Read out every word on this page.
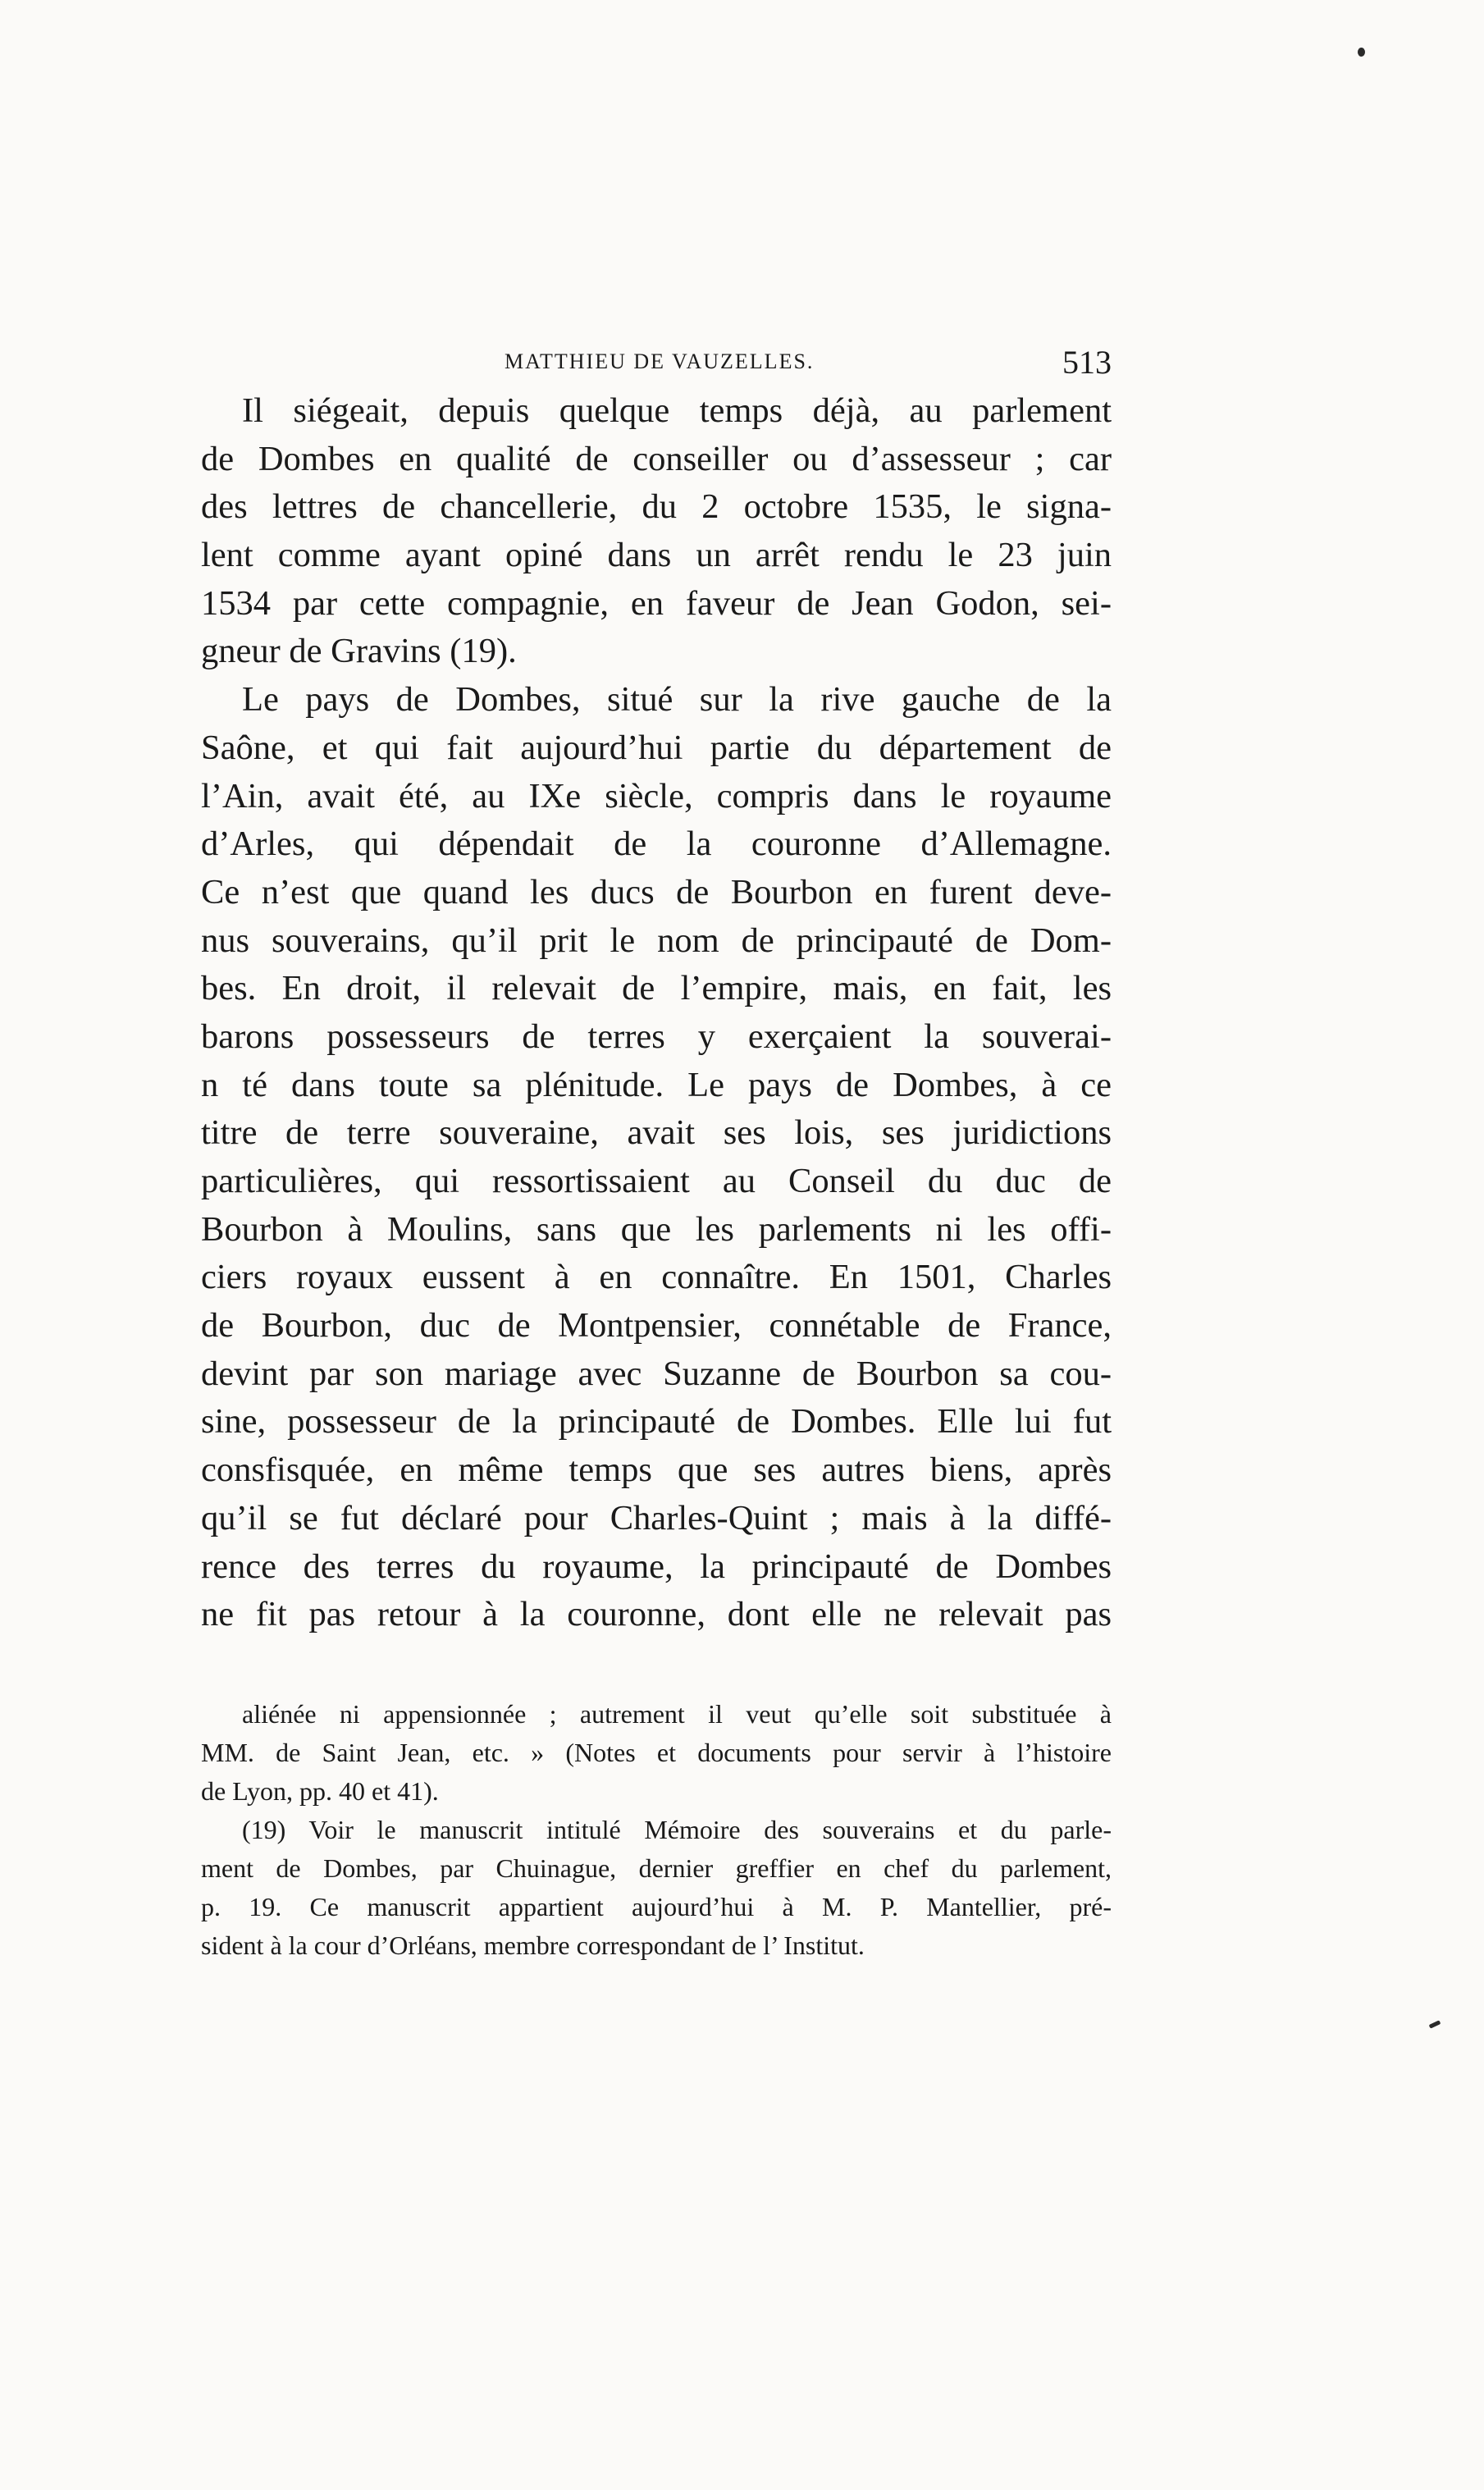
MATTHIEU DE VAUZELLES.	513
Il siégeait, depuis quelque temps déjà, au parlement
de Dombes en qualité de conseiller ou d’assesseur ; car
des lettres de chancellerie, du 2 octobre 1535, le signa-
lent comme ayant opiné dans un arrêt rendu le 23 juin
1534 par cette compagnie, en faveur de Jean Godon, sei-
gneur de Gravins (19).
Le pays de Dombes, situé sur la rive gauche de la
Saône, et qui fait aujourd’hui partie du département de
l’Ain, avait été, au IXe siècle, compris dans le royaume
d’Arles, qui dépendait de la couronne d’Allemagne.
Ce n’est que quand les ducs de Bourbon en furent deve-
nus souverains, qu’il prit le nom de principauté de Dom-
bes. En droit, il relevait de l’empire, mais, en fait, les
barons possesseurs de terres y exerçaient la souverai-
n té dans toute sa plénitude. Le pays de Dombes, à ce
titre de terre souveraine, avait ses lois, ses juridictions
particulières, qui ressortissaient au Conseil du duc de
Bourbon à Moulins, sans que les parlements ni les offi-
ciers royaux eussent à en connaître. En 1501, Charles
de Bourbon, duc de Montpensier, connétable de France,
devint par son mariage avec Suzanne de Bourbon sa cou-
sine, possesseur de la principauté de Dombes. Elle lui fut
consfisquée, en même temps que ses autres biens, après
qu’il se fut déclaré pour Charles-Quint ; mais à la diffé-
rence des terres du royaume, la principauté de Dombes
ne fit pas retour à la couronne, dont elle ne relevait pas
aliénée ni appensionnée ; autrement il veut qu’elle soit substituée à
MM. de Saint Jean, etc. » (Notes et documents pour servir à l’histoire
de Lyon, pp. 40 et 41).
(19) Voir le manuscrit intitulé Mémoire des souverains et du parle-
ment de Dombes, par Chuinague, dernier greffier en chef du parlement,
p. 19. Ce manuscrit appartient aujourd’hui à M. P. Mantellier, pré-
sident à la cour d’Orléans, membre correspondant de l’ Institut.
